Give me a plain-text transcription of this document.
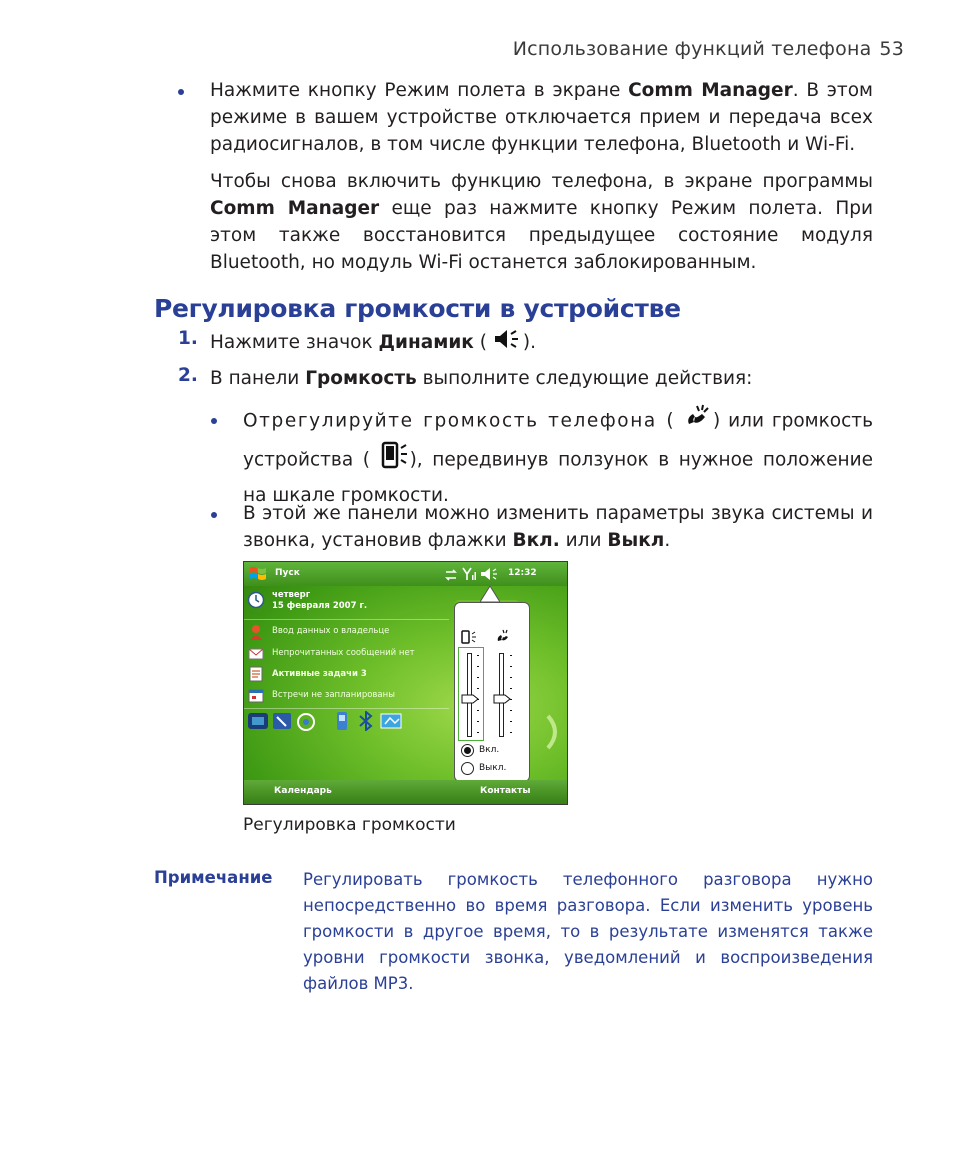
Использование функций телефона 53
Нажмите кнопку Режим полета в экране Comm Manager. В этом режиме в вашем устройстве отключается прием и передача всех радиосигналов, в том числе функции телефона, Bluetooth и Wi-Fi.
Чтобы снова включить функцию телефона, в экране программы Comm Manager еще раз нажмите кнопку Режим полета. При этом также восстановится предыдущее состояние модуля Bluetooth, но модуль Wi-Fi останется заблокированным.
Регулировка громкости в устройстве
1. Нажмите значок Динамик ( ).
2. В панели Громкость выполните следующие действия:
Отрегулируйте громкость телефона ( ) или громкость устройства ( ), передвинув ползунок в нужное положение на шкале громкости.
В этой же панели можно изменить параметры звука системы и звонка, установив флажки Вкл. или Выкл.
Пуск	12:32
четверг
15 февраля 2007 г.
Ввод данных о владельце
Непрочитанных сообщений нет
Активные задачи 3
Встречи не запланированы
Вкл.
Выкл.
Календарь	Контакты
Регулировка громкости
Примечание Регулировать громкость телефонного разговора нужно непосредственно во время разговора. Если изменить уровень громкости в другое время, то в результате изменятся также уровни громкости звонка, уведомлений и воспроизведения файлов MP3.
